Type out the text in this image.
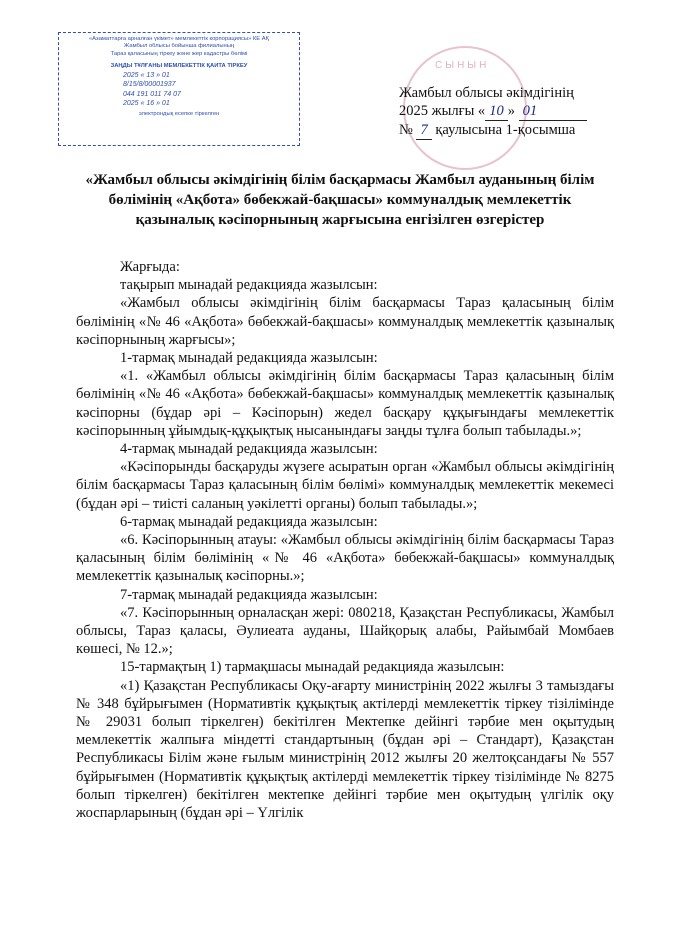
«Азаматтарға арналған үкімет» мемлекеттік корпорациясы» КЕ АҚ
Жамбыл облысы бойынша филиалының
Тараз қаласының тіркеу және жер кадастры бөлімі
ЗАҢДЫ ТҰЛҒАНЫ МЕМЛЕКЕТТІК ҚАЙТА ТІРКЕУ
2025 « 13 » 01
8/15/8/00001937
044 191 011 74 07
2025 « 16 » 01
электрондық есепке тіркелген
СЫНЫН
Жамбыл облысы әкімдігінің
2025 жылғы « 10 » 01
№ 7 қаулысына 1-қосымша
«Жамбыл облысы әкімдігінің білім басқармасы Жамбыл ауданының білім бөлімінің «Ақбота» бөбекжай-бақшасы» коммуналдық мемлекеттік қазыналық кәсіпорнының жарғысына енгізілген өзгерістер

Жарғыда:

тақырып мынадай редакцияда жазылсын:

«Жамбыл облысы әкімдігінің білім басқармасы Тараз қаласының білім бөлімінің «№ 46 «Ақбота» бөбекжай-бақшасы» коммуналдық мемлекеттік қазыналық кәсіпорнының жарғысы»;

1-тармақ мынадай редакцияда жазылсын:

«1. «Жамбыл облысы әкімдігінің білім басқармасы Тараз қаласының білім бөлімінің «№ 46 «Ақбота» бөбекжай-бақшасы» коммуналдық мемлекеттік қазыналық кәсіпорны (бұдар әрі – Кәсіпорын) жедел басқару құқығындағы мемлекеттік кәсіпорынның ұйымдық-құқықтық нысанындағы заңды тұлға болып табылады.»;

4-тармақ мынадай редакцияда жазылсын:

«Кәсіпорынды басқаруды жүзеге асыратын орган «Жамбыл облысы әкімдігінің білім басқармасы Тараз қаласының білім бөлімі» коммуналдық мемлекеттік мекемесі (бұдан әрі – тиісті саланың уәкілетті органы) болып табылады.»;

6-тармақ мынадай редакцияда жазылсын:

«6. Кәсіпорынның атауы: «Жамбыл облысы әкімдігінің білім басқармасы Тараз қаласының білім бөлімінің «№ 46 «Ақбота» бөбекжай-бақшасы» коммуналдық мемлекеттік қазыналық кәсіпорны.»;

7-тармақ мынадай редакцияда жазылсын:

«7. Кәсіпорынның орналасқан жері: 080218, Қазақстан Республикасы, Жамбыл облысы, Тараз қаласы, Әулиеата ауданы, Шайқорық алабы, Райымбай Момбаев көшесі, № 12.»;

15-тармақтың 1) тармақшасы мынадай редакцияда жазылсын:

«1) Қазақстан Республикасы Оқу-ағарту министрінің 2022 жылғы 3 тамыздағы № 348 бұйрығымен (Нормативтік құқықтық актілерді мемлекеттік тіркеу тізілімінде № 29031 болып тіркелген) бекітілген Мектепке дейінгі тәрбие мен оқытудың мемлекеттік жалпыға міндетті стандартының (бұдан әрі – Стандарт), Қазақстан Республикасы Білім және ғылым министрінің 2012 жылғы 20 желтоқсандағы № 557 бұйрығымен (Нормативтік құқықтық актілерді мемлекеттік тіркеу тізілімінде № 8275 болып тіркелген) бекітілген мектепке дейінгі тәрбие мен оқытудың үлгілік оқу жоспарларының (бұдан әрі – Үлгілік
